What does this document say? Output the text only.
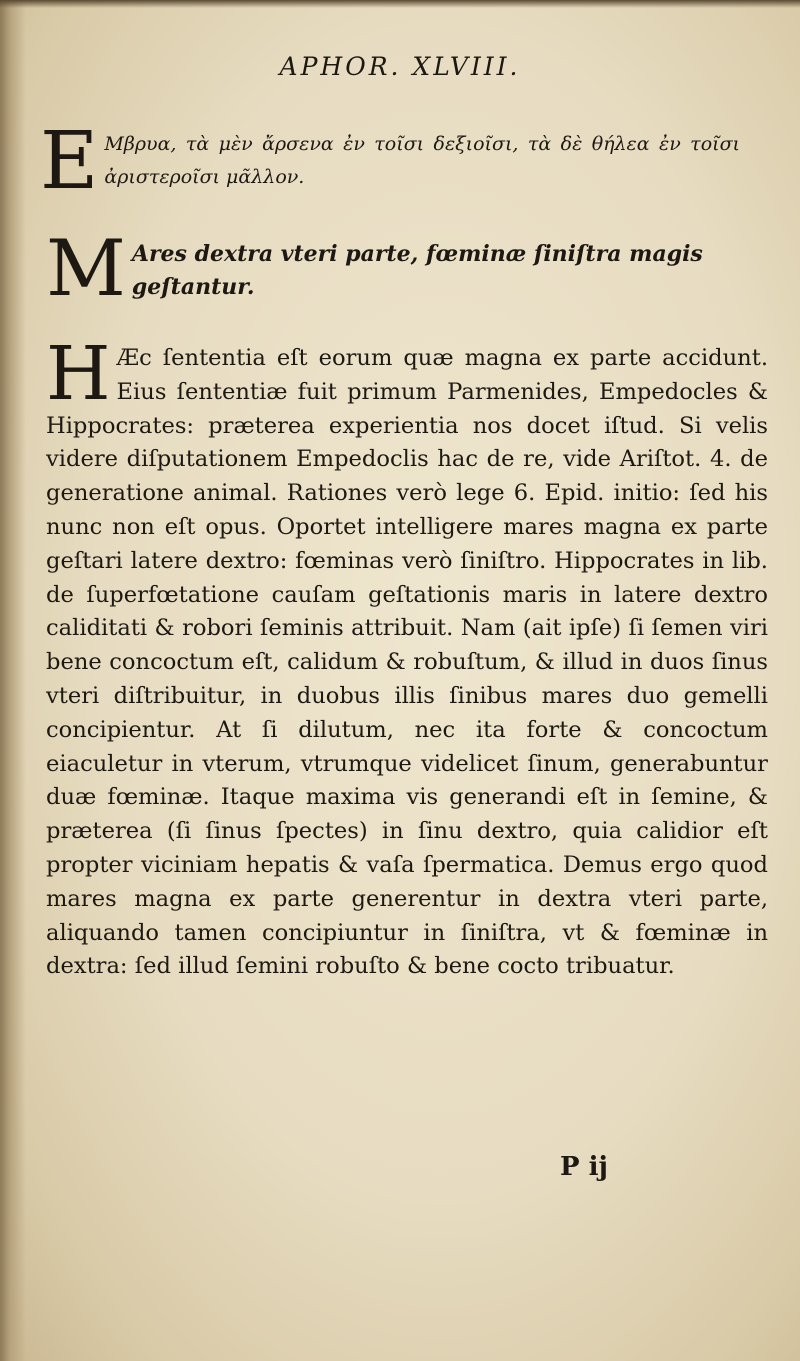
APHOR. XLVIII.
E Μβρυα, τὰ μὲν ἄρσενα ἐν τοῖσι δεξιοῖσι, τὰ δὲ θήλεα ἐν τοῖσι ἀριστεροῖσι μᾶλλον.
M Ares dextra vteri parte, fœminæ ſiniſtra magis geſtantur.
H Æc ſententia eſt eorum quæ magna ex parte accidunt. Eius ſententiæ fuit primum Parmenides, Empedocles & Hippocrates: præterea experientia nos docet iſtud. Si velis videre diſputationem Empedoclis hac de re, vide Ariſtot. 4. de generatione animal. Rationes verò lege 6. Epid. initio: ſed his nunc non eſt opus. Oportet intelligere mares magna ex parte geſtari latere dextro: fœminas verò ſiniſtro. Hippocrates in lib. de ſuperfœtatione cauſam geſtationis maris in latere dextro caliditati & robori ſeminis attribuit. Nam (ait ipſe) ſi ſemen viri bene concoctum eſt, calidum & robuſtum, & illud in duos ſinus vteri diſtribuitur, in duobus illis ſinibus mares duo gemelli concipientur. At ſi dilutum, nec ita forte & concoctum eiaculetur in vterum, vtrumque videlicet ſinum, generabuntur duæ fœminæ. Itaque maxima vis generandi eſt in ſemine, & præterea (ſi ſinus ſpectes) in ſinu dextro, quia calidior eſt propter viciniam hepatis & vaſa ſpermatica. Demus ergo quod mares magna ex parte generentur in dextra vteri parte, aliquando tamen concipiuntur in ſiniſtra, vt & fœminæ in dextra: ſed illud ſemini robuſto & bene cocto tribuatur.
P ij
